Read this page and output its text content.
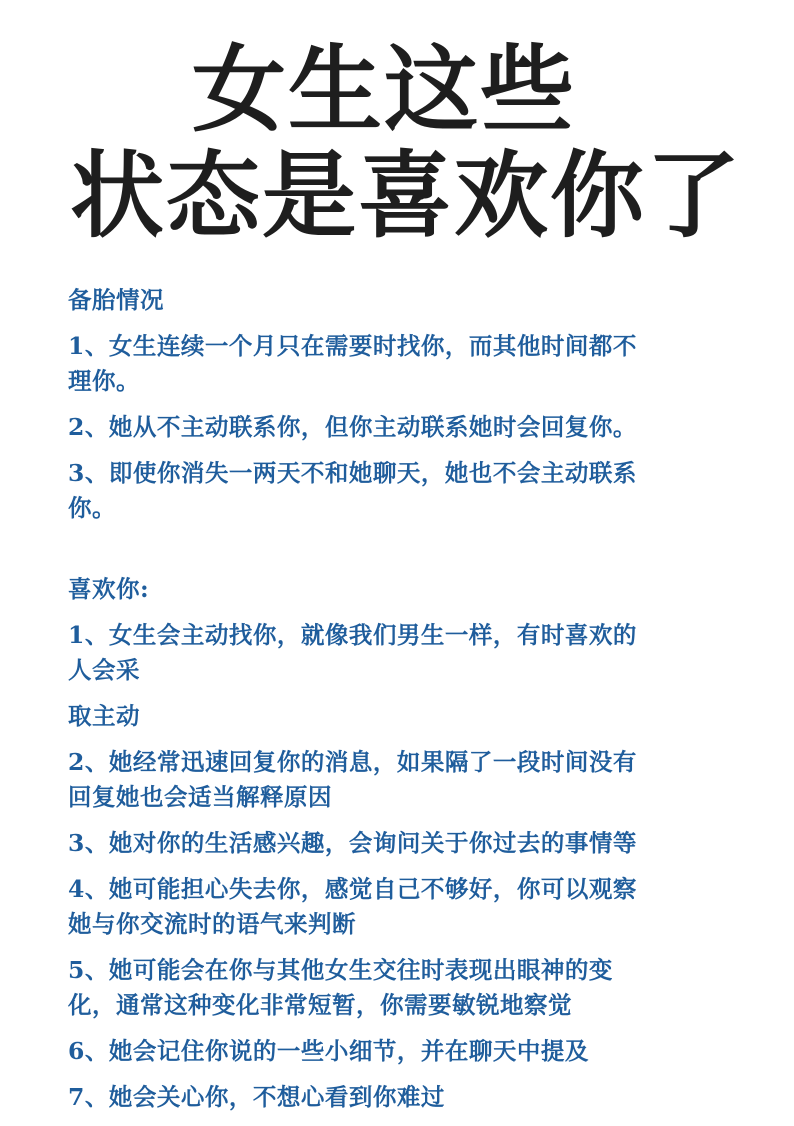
女生这些
状态是喜欢你了

备胎情况

1、女生连续一个月只在需要时找你，而其他时间都不
理你。

2、她从不主动联系你，但你主动联系她时会回复你。

3、即使你消失一两天不和她聊天，她也不会主动联系
你。

喜欢你:

1、女生会主动找你，就像我们男生一样，有时喜欢的
人会采

取主动

2、她经常迅速回复你的消息，如果隔了一段时间没有
回复她也会适当解释原因

3、她对你的生活感兴趣，会询问关于你过去的事情等

4、她可能担心失去你，感觉自己不够好，你可以观察
她与你交流时的语气来判断

5、她可能会在你与其他女生交往时表现出眼神的变
化，通常这种变化非常短暂，你需要敏锐地察觉

6、她会记住你说的一些小细节，并在聊天中提及

7、她会关心你，不想心看到你难过
